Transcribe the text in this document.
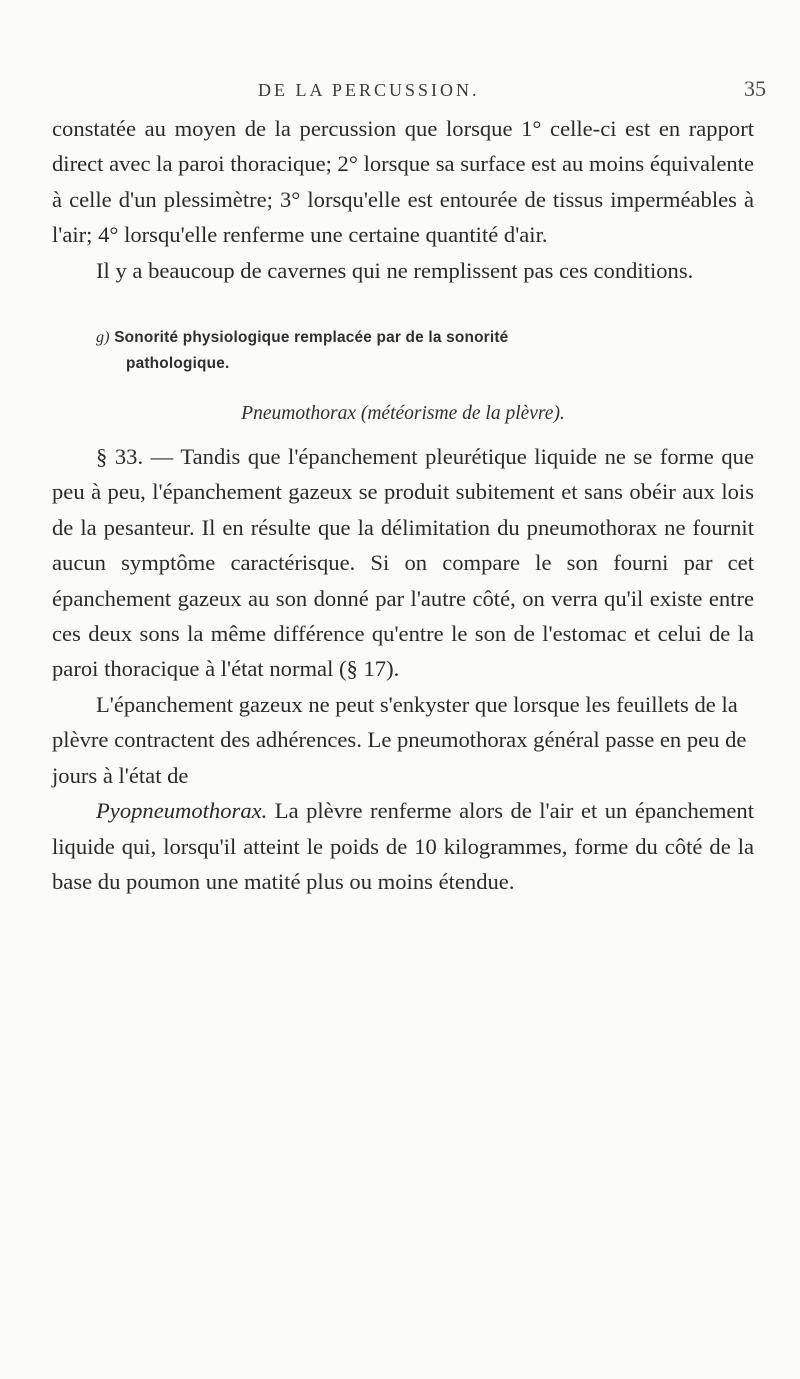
DE LA PERCUSSION.	35

constatée au moyen de la percussion que lorsque 1° celle-ci est en rapport direct avec la paroi thoracique; 2° lorsque sa surface est au moins équivalente à celle d'un plessimètre; 3° lorsqu'elle est entourée de tissus imperméables à l'air; 4° lorsqu'elle renferme une certaine quantité d'air.

Il y a beaucoup de cavernes qui ne remplissent pas ces conditions.

g) Sonorité physiologique remplacée par de la sonorité
pathologique.
Pneumothorax (météorisme de la plèvre).

§ 33. — Tandis que l'épanchement pleurétique liquide ne se forme que peu à peu, l'épanchement gazeux se produit subitement et sans obéir aux lois de la pesanteur. Il en résulte que la délimitation du pneumothorax ne fournit aucun symptôme caractérisque. Si on compare le son fourni par cet épanchement gazeux au son donné par l'autre côté, on verra qu'il existe entre ces deux sons la même différence qu'entre le son de l'estomac et celui de la paroi thoracique à l'état normal (§ 17).

L'épanchement gazeux ne peut s'enkyster que lorsque les feuillets de la plèvre contractent des adhérences. Le pneumothorax général passe en peu de jours à l'état de

Pyopneumothorax. La plèvre renferme alors de l'air et un épanchement liquide qui, lorsqu'il atteint le poids de 10 kilogrammes, forme du côté de la base du poumon une matité plus ou moins étendue.
